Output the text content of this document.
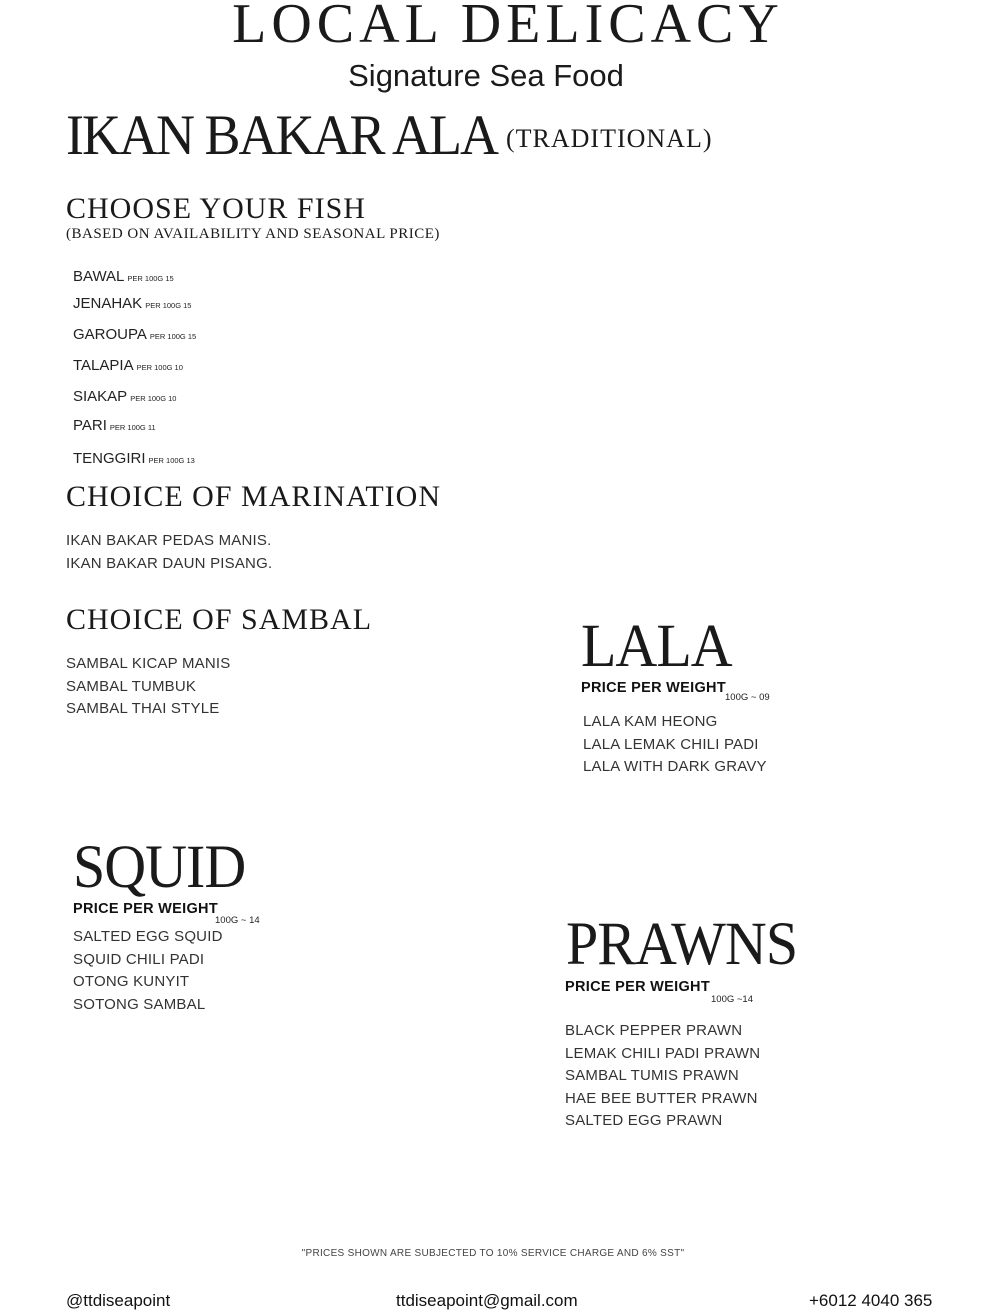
LOCAL DELICACY
Signature Sea Food
IKAN BAKAR ALA (TRADITIONAL)
CHOOSE YOUR FISH
(BASED ON AVAILABILITY AND SEASONAL PRICE)
BAWAL PER 100G 15
JENAHAK PER 100G 15
GAROUPA PER 100G 15
TALAPIA PER 100G 10
SIAKAP PER 100G 10
PARI PER 100G 11
TENGGIRI PER 100G 13
CHOICE OF MARINATION
IKAN BAKAR PEDAS MANIS.
IKAN BAKAR DAUN PISANG.
CHOICE OF SAMBAL
SAMBAL KICAP MANIS
SAMBAL TUMBUK
SAMBAL THAI STYLE
LALA
PRICE PER WEIGHT
100G ~ 09
LALA KAM HEONG
LALA LEMAK CHILI PADI
LALA WITH DARK GRAVY
SQUID
PRICE PER WEIGHT
100G ~ 14
SALTED EGG SQUID
SQUID CHILI PADI
OTONG KUNYIT
SOTONG SAMBAL
PRAWNS
PRICE PER WEIGHT
100G ~14
BLACK PEPPER PRAWN
LEMAK CHILI PADI PRAWN
SAMBAL TUMIS PRAWN
HAE BEE BUTTER PRAWN
SALTED EGG PRAWN
"PRICES SHOWN ARE SUBJECTED TO 10% SERVICE CHARGE AND 6% SST"
@ttdiseapoint	ttdiseapoint@gmail.com	+6012 4040 365
